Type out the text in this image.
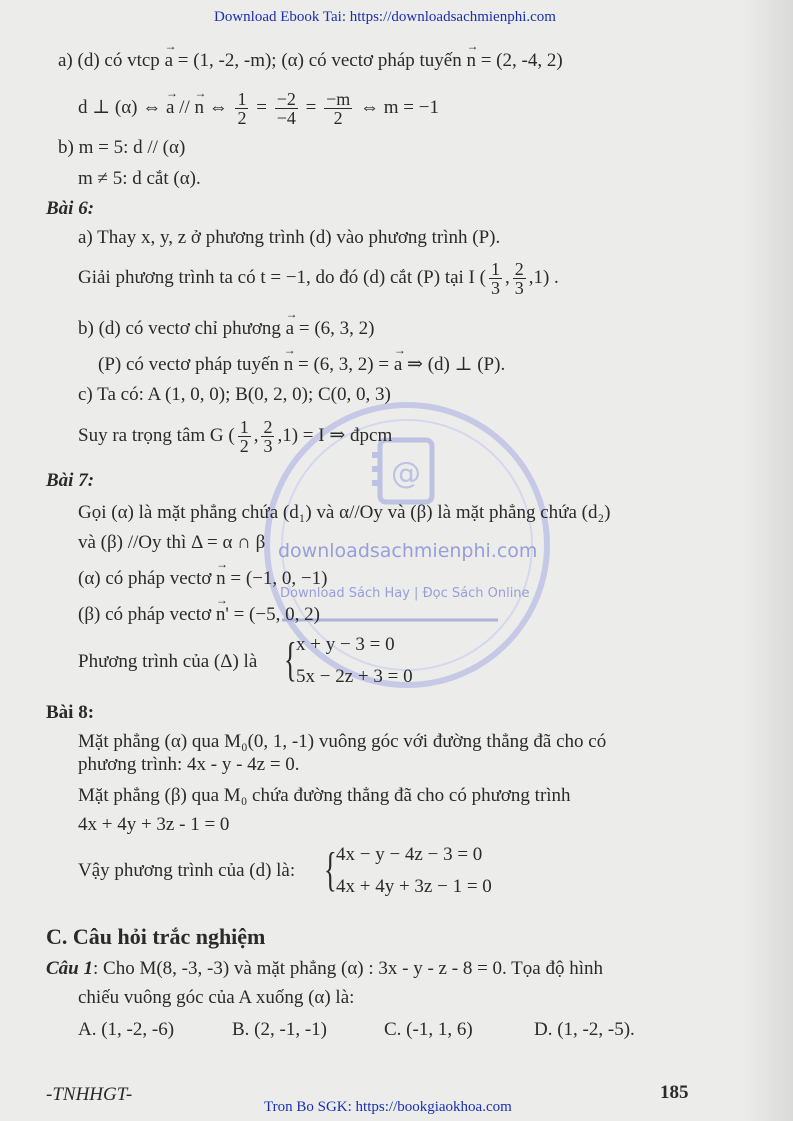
Download Ebook Tai: https://downloadsachmienphi.com
@
downloadsachmienphi.com
Download Sách Hay | Đọc Sách Online
a) (d) có vtcp → a = (1, -2, -m); (α) có vectơ pháp tuyến → n = (2, -4, 2)
d ⊥ (α) ⇔ → a // → n ⇔ $\frac{1}{2} = \frac{-2}{-4} = \frac{-m}{2}$ ⇔ m = −1
b) m = 5: d // (α)
m ≠ 5: d cắt (α).
Bài 6:
a) Thay x, y, z ở phương trình (d) vào phương trình (P).
Giải phương trình ta có t = −1, do đó (d) cắt (P) tại I ( $\frac{1}{3}$ , $\frac{2}{3} ,1$) .
b) (d) có vectơ chỉ phương → a = (6, 3, 2)
(P) có vectơ pháp tuyến → n = (6, 3, 2) = → a ⇒ (d) ⊥ (P).
c) Ta có: A (1, 0, 0); B(0, 2, 0); C(0, 0, 3)
Suy ra trọng tâm G ( $\frac{1}{2}$ , $\frac{2}{3} ,1) = I$ ⇒ đpcm
Bài 7:
Gọi (α) là mặt phẳng chứa (d₁) và α//Oy và (β) là mặt phẳng chứa (d₂)
và (β) //Oy thì Δ = α ∩ β
(α) có pháp vectơ → n = (−1, 0, −1)
(β) có pháp vectơ → n' = (−5, 0, 2)
Phương trình của (Δ) là { x + y − 3 = 0
5x − 2z + 3 = 0
Bài 8:
Mặt phẳng (α) qua M₀(0, 1, -1) vuông góc với đường thẳng đã cho có
phương trình: 4x - y - 4z = 0.
Mặt phẳng (β) qua M₀ chứa đường thẳng đã cho có phương trình
4x + 4y + 3z - 1 = 0
Vậy phương trình của (d) là: { 4x − y − 4z − 3 = 0
4x + 4y + 3z − 1 = 0
C. Câu hỏi trắc nghiệm
Câu 1: Cho M(8, -3, -3) và mặt phẳng (α) : 3x - y - z - 8 = 0. Tọa độ hình
chiếu vuông góc của A xuống (α) là:
A. (1, -2, -6)	B. (2, -1, -1)	C. (-1, 1, 6)	D. (1, -2, -5).
-TNHHGT-	185
Tron Bo SGK: https://bookgiaokhoa.com
